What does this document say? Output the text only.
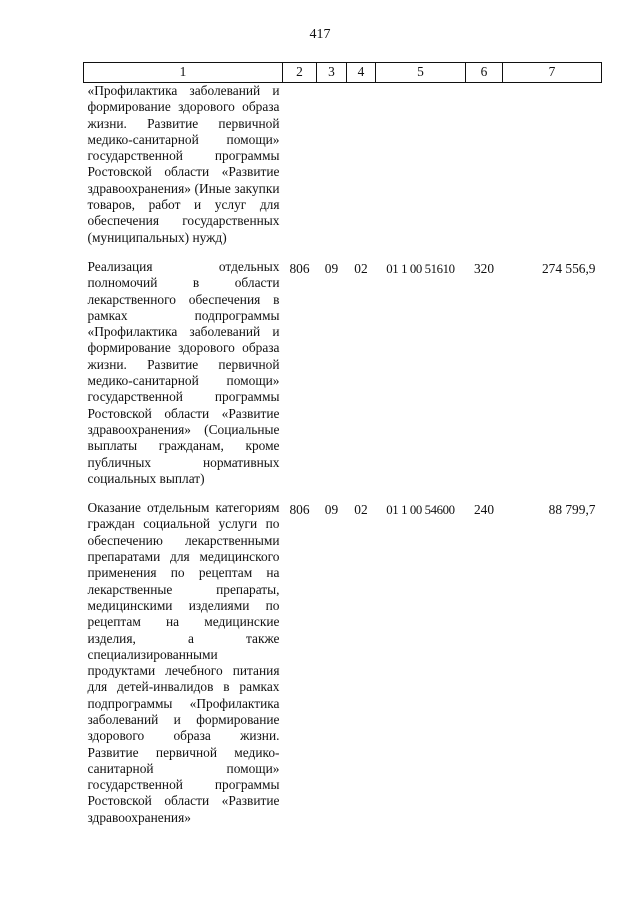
417
1	2	3	4	5	6	7
«Профилактика заболеваний и формирование здорового образа жизни. Развитие первичной медико-санитарной помощи» государственной программы Ростовской области «Развитие здравоохранения» (Иные закупки товаров, работ и услуг для обеспечения государственных (муниципальных) нужд)						
Реализация отдельных полномочий в области лекарственного обеспечения в рамках подпрограммы «Профилактика заболеваний и формирование здорового образа жизни. Развитие первичной медико-санитарной помощи» государственной программы Ростовской области «Развитие здравоохранения» (Социальные выплаты гражданам, кроме публичных нормативных социальных выплат)	806	09	02	01 1 00 51610	320	274 556,9
Оказание отдельным категориям граждан социальной услуги по обеспечению лекарственными препаратами для медицинского применения по рецептам на лекарственные препараты, медицинскими изделиями по рецептам на медицинские изделия, а также специализированными продуктами лечебного питания для детей-инвалидов в рамках подпрограммы «Профилактика заболеваний и формирование здорового образа жизни. Развитие первичной медико-санитарной помощи» государственной программы Ростовской области «Развитие здравоохранения»	806	09	02	01 1 00 54600	240	88 799,7
